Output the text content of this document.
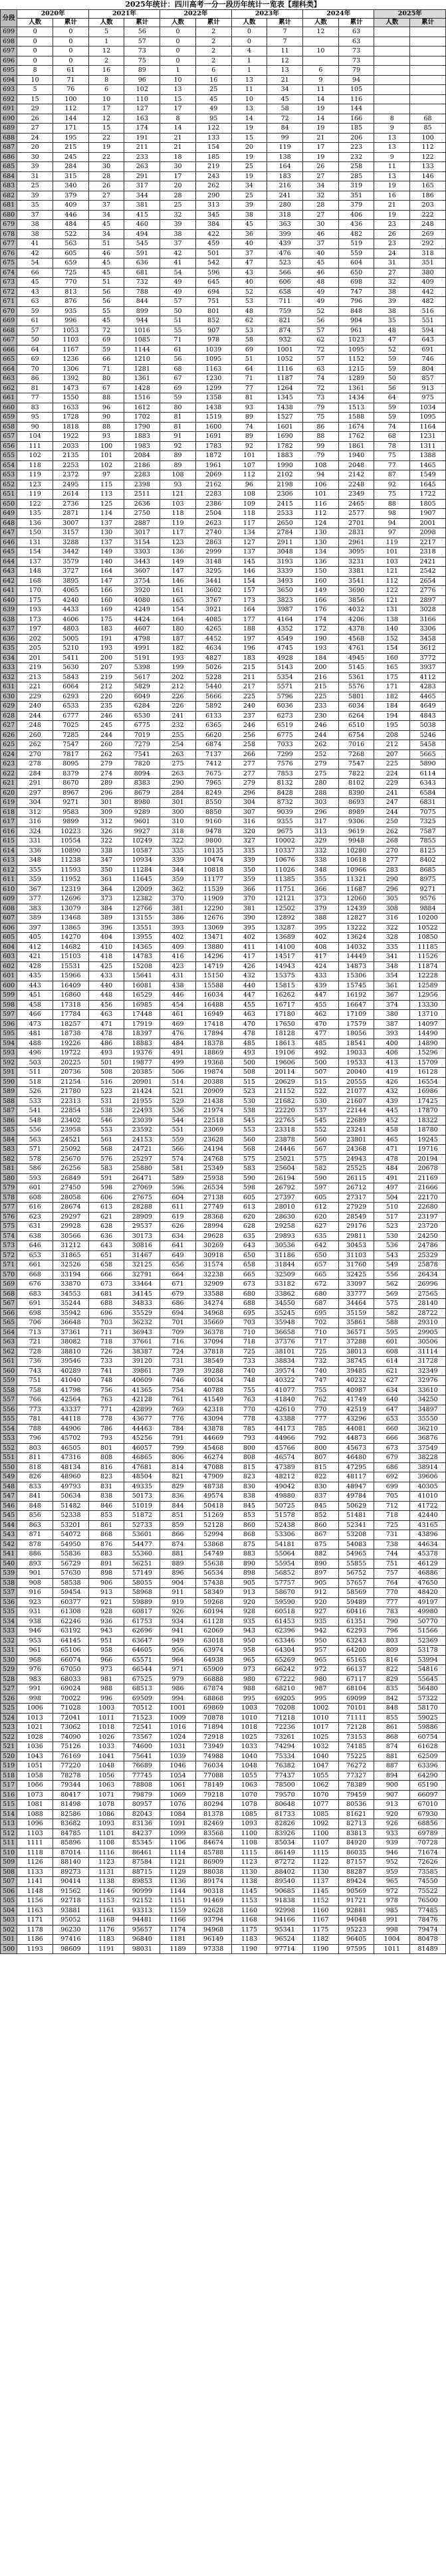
2025年统计：四川高考一分一段历年统计一览表【理科类】
分段	2020年		2021年		2022年		2023年		2024年		2025年	
	人数	累计	人数	累计	人数	累计	人数	累计	人数	累计	人数	累计
699	0	0	5	56	0	2	0	7	12	63		
698	0	0	1	57	0	2	0	7		63		
697	0	0	12	73	0	2	4	11	10	73		
696	0	0	2	75	0	2	1	12		73		
695	8	61	16	89	1	6	1	13	6	79		
694	10	71	8	96	10	16	13	21	9	94		
693	5	76	6	102	13	25	11	34	11	105		
692	15	100	10	110	15	45	10	45	14	116		
691	29	112	17	127	17	49	13	58	19	144		
690	26	144	12	163	8	95	14	72	14	166	8	68
689	27	171	15	174	14	122	19	84	19	185	9	85
688	24	195	22	191	21	133	15	99	21	206	13	100
687	20	215	19	211	21	154	20	119	17	223	13	112
686	30	245	22	233	18	185	19	138	19	232	9	122
685	39	284	30	263	30	219	25	164	26	258	11	133
684	31	315	28	291	17	243	19	183	27	285	13	146
683	25	340	26	317	20	262	34	216	34	319	19	165
682	39	379	27	344	28	290	25	241	32	351	16	186
681	35	409	37	381	25	313	39	280	28	379	21	203
680	37	446	34	415	32	345	38	318	27	406	19	222
679	38	484	45	460	39	384	45	363	30	436	23	248
678	38	522	34	494	38	422	36	399	46	482	26	269
677	41	563	51	545	37	459	40	439	37	519	23	292
676	42	605	46	591	42	501	37	476	40	559	24	318
675	54	659	45	636	41	542	47	523	45	604	31	351
674	66	725	45	681	54	596	43	566	46	650	27	380
673	45	770	51	732	49	645	40	606	48	698	32	409
672	43	813	56	788	49	694	52	658	49	747	38	442
671	63	876	56	844	57	751	53	711	49	796	39	482
670	59	935	55	899	50	801	48	759	52	848	38	516
669	61	996	45	944	51	852	62	821	56	904	35	551
668	57	1053	72	1016	55	907	53	874	57	961	48	594
667	50	1103	69	1085	71	978	58	932	62	1023	47	643
666	64	1167	59	1144	61	1039	69	1001	72	1095	52	691
665	69	1236	66	1210	56	1095	51	1052	57	1152	59	746
664	70	1306	71	1281	68	1163	64	1116	63	1215	59	804
663	86	1392	80	1361	67	1230	71	1187	74	1289	50	857
662	81	1473	67	1428	69	1299	77	1264	72	1361	56	913
661	77	1550	88	1516	59	1358	81	1345	73	1434	64	975
660	83	1633	96	1612	80	1438	93	1438	79	1513	59	1034
659	95	1728	90	1702	81	1519	89	1527	75	1588	59	1095
658	90	1818	88	1790	81	1600	74	1601	86	1674	74	1164
657	104	1922	93	1883	91	1691	89	1690	88	1762	68	1231
656	111	2033	100	1983	92	1783	92	1782	99	1861	78	1311
655	102	2135	101	2084	89	1872	101	1883	79	1940	75	1388
654	118	2253	102	2186	89	1961	107	1990	108	2048	77	1465
653	119	2372	97	2283	108	2069	112	2102	94	2142	87	1549
652	123	2495	115	2398	93	2162	96	2198	106	2248	92	1645
651	119	2614	113	2511	121	2283	108	2306	101	2349	75	1722
650	122	2736	125	2636	103	2386	109	2415	116	2465	88	1805
649	135	2871	114	2750	118	2504	118	2533	112	2577	98	1907
648	136	3007	137	2887	119	2623	117	2650	124	2701	94	2001
647	150	3157	130	3017	117	2740	134	2784	130	2831	97	2098
646	131	3288	137	3154	123	2863	127	2911	130	2961	119	2217
645	154	3442	149	3303	136	2999	137	3048	134	3095	101	2318
644	137	3579	140	3443	149	3148	145	3193	136	3231	103	2421
643	148	3727	164	3607	147	3295	146	3339	150	3381	121	2542
642	168	3895	147	3754	146	3441	154	3493	160	3541	112	2654
641	170	4065	166	3920	161	3602	157	3650	149	3690	122	2776
640	175	4240	160	4080	165	3767	173	3823	166	3856	121	2897
639	193	4433	169	4249	154	3921	164	3987	176	4032	131	3028
638	173	4606	175	4424	164	4085	177	4164	174	4206	138	3166
637	197	4803	183	4607	180	4265	188	4352	172	4378	140	3306
636	202	5005	191	4798	187	4452	197	4549	190	4568	152	3458
635	205	5210	193	4991	182	4634	196	4745	193	4761	154	3612
634	201	5411	200	5191	193	4827	183	4928	184	4945	160	3772
633	219	5630	207	5398	199	5026	215	5143	200	5145	165	3937
632	213	5843	219	5617	202	5228	211	5354	216	5361	175	4112
631	221	6064	212	5829	212	5440	217	5571	215	5576	171	4283
630	229	6293	220	6049	226	5666	225	5796	225	5801	182	4465
629	240	6533	235	6284	226	5892	240	6036	233	6034	184	4649
628	244	6777	246	6530	241	6133	237	6273	230	6264	194	4843
627	248	7025	245	6775	232	6365	246	6519	246	6510	195	5038
626	260	7285	244	7019	255	6620	256	6775	244	6754	208	5246
625	262	7547	260	7279	254	6874	258	7033	262	7016	212	5458
624	270	7817	262	7541	263	7137	266	7299	252	7268	207	5665
623	278	8095	279	7820	275	7412	277	7576	279	7547	225	5890
622	284	8379	274	8094	263	7675	277	7853	275	7822	224	6114
621	291	8670	289	8383	290	7965	279	8132	280	8102	229	6343
620	297	8967	296	8679	284	8249	296	8428	288	8390	241	6584
619	304	9271	301	8980	301	8550	304	8732	303	8693	247	6831
618	312	9583	309	9289	300	8850	307	9039	296	8989	244	7075
617	316	9899	312	9601	310	9160	316	9355	317	9306	250	7325
616	324	10223	326	9927	318	9478	320	9675	313	9619	262	7587
615	331	10554	322	10249	322	9800	327	10002	329	9948	268	7855
614	336	10890	338	10587	335	10135	335	10337	332	10280	270	8125
613	348	11238	347	10934	339	10474	339	10676	338	10618	277	8402
612	355	11593	350	11284	344	10818	350	11026	348	10966	283	8685
611	359	11952	361	11645	359	11177	359	11385	355	11321	290	8975
610	367	12319	364	12009	362	11539	366	11751	366	11687	296	9271
609	377	12696	373	12382	370	11909	370	12121	373	12060	305	9576
608	383	13079	384	12766	381	12290	381	12502	379	12439	308	9884
607	389	13468	389	13155	386	12676	390	12892	388	12827	316	10200
606	397	13865	396	13551	393	13069	395	13287	395	13222	322	10522
605	405	14270	404	13955	402	13471	402	13689	402	13624	328	10850
604	412	14682	410	14365	409	13880	411	14100	408	14032	335	11185
603	421	15103	418	14783	416	14296	417	14517	417	14449	341	11526
602	428	15531	425	15208	423	14719	426	14943	424	14873	348	11874
601	435	15966	433	15641	431	15150	432	15375	433	15306	354	12228
600	443	16409	440	16081	438	15588	440	15815	439	15745	361	12589
599	451	16860	448	16529	446	16034	447	16262	447	16192	367	12956
598	458	17318	456	16985	454	16488	455	16717	455	16647	374	13330
597	466	17784	463	17448	461	16949	463	17180	462	17109	380	13710
596	473	18257	471	17919	469	17418	470	17650	470	17579	387	14097
595	481	18738	478	18397	476	17894	478	18128	477	18056	393	14490
594	488	19226	486	18883	484	18378	485	18613	485	18541	400	14890
593	496	19722	493	19376	491	18869	493	19106	492	19033	406	15296
592	503	20225	501	19877	499	19368	500	19606	500	19533	413	15709
591	511	20736	508	20385	506	19874	508	20114	507	20040	419	16128
590	518	21254	516	20901	514	20388	515	20629	515	20555	426	16554
589	526	21780	523	21424	521	20909	523	21152	522	21077	432	16986
588	533	22313	531	21955	529	21438	530	21682	530	21607	439	17425
587	541	22854	538	22493	536	21974	538	22220	537	22144	445	17870
586	548	23402	546	23039	544	22518	545	22765	545	22689	452	18322
585	556	23958	553	23592	551	23069	553	23318	552	23241	458	18780
584	563	24521	561	24153	559	23628	560	23878	560	23801	465	19245
583	571	25092	568	24721	566	24194	568	24446	567	24368	471	19716
582	578	25670	576	25297	574	24768	575	25021	575	24943	478	20194
581	586	26256	583	25880	581	25349	583	25604	582	25525	484	20678
580	593	26849	591	26471	589	25938	590	26194	590	26115	491	21169
579	601	27450	598	27069	596	26534	598	26792	597	26712	497	21666
578	608	28058	606	27675	604	27138	605	27397	605	27317	504	22170
577	616	28674	613	28288	611	27749	613	28010	612	27929	510	22680
576	623	29297	621	28909	619	28368	620	28630	620	28549	517	23197
575	631	29928	628	29537	626	28994	628	29258	627	29176	523	23720
574	638	30566	636	30173	634	29628	635	29893	635	29811	530	24250
573	646	31212	643	30816	641	30269	643	30536	642	30453	536	24786
572	653	31865	651	31467	649	30918	650	31186	650	31103	543	25329
571	661	32526	658	32125	656	31574	658	31844	657	31760	549	25878
570	668	33194	666	32791	664	32238	665	32509	665	32425	556	26434
569	676	33870	673	33464	671	32909	673	33182	672	33097	562	26996
568	683	34553	681	34145	679	33588	680	33862	680	33777	569	27565
567	691	35244	688	34833	686	34274	688	34550	687	34464	575	28140
566	698	35942	696	35529	694	34968	695	35245	695	35159	582	28722
565	706	36648	703	36232	701	35669	703	35948	702	35861	588	29310
564	713	37361	711	36943	709	36378	710	36658	710	36571	595	29905
563	721	38082	718	37661	716	37094	718	37376	717	37288	601	30506
562	728	38810	726	38387	724	37818	725	38101	725	38013	608	31114
561	736	39546	733	39120	731	38549	733	38834	732	38745	614	31728
560	743	40289	741	39861	739	39288	740	39574	740	39485	621	32349
559	751	41040	748	40609	746	40034	748	40322	747	40232	627	32976
558	758	41798	756	41365	754	40788	755	41077	755	40987	634	33610
557	766	42564	763	42128	761	41549	763	41840	762	41749	640	34250
556	773	43337	771	42899	769	42318	770	42610	770	42519	647	34897
555	781	44118	778	43677	776	43094	778	43388	777	43296	653	35550
554	788	44906	786	44463	784	43878	785	44173	785	44081	660	36210
553	796	45702	793	45256	791	44669	793	44966	792	44873	666	36876
552	803	46505	801	46057	799	45468	800	45766	800	45673	673	37549
551	811	47316	808	46865	806	46274	808	46574	807	46480	679	38228
550	818	48134	816	47681	814	47088	815	47389	815	47295	686	38914
549	826	48960	823	48504	821	47909	823	48212	822	48117	692	39606
548	833	49793	831	49335	829	48738	830	49042	830	48947	699	40305
547	841	50634	838	50173	836	49574	838	49880	837	49784	705	41010
546	848	51482	846	51019	844	50418	845	50725	845	50629	712	41722
545	856	52338	853	51872	851	51269	853	51578	852	51481	718	42440
544	863	53201	861	52733	859	52128	860	52438	860	52341	725	43165
543	871	54072	868	53601	866	52994	868	53306	867	53208	731	43896
542	878	54950	876	54477	874	53868	875	54181	875	54083	738	44634
541	886	55836	883	55360	881	54749	883	55064	882	54965	744	45378
540	893	56729	891	56251	889	55638	890	55954	890	55855	751	46129
539	901	57630	898	57149	896	56534	898	56852	897	56752	757	46886
538	908	58538	906	58055	904	57438	905	57757	905	57657	764	47650
537	916	59454	913	58968	911	58349	913	58670	912	58569	770	48420
536	923	60377	921	59889	919	59268	920	59590	920	59489	777	49197
535	931	61308	928	60817	926	60194	928	60518	927	60416	783	49980
534	938	62246	936	61753	934	61128	935	61453	935	61351	790	50770
533	946	63192	943	62696	941	62069	943	62396	942	62293	796	51566
532	953	64145	951	63647	949	63018	950	63346	950	63243	803	52369
531	961	65106	958	64605	956	63974	958	64304	957	64200	809	53178
530	968	66074	966	65571	964	64938	965	65269	965	65165	816	53994
529	976	67050	973	66544	971	65909	973	66242	972	66137	822	54816
528	983	68033	981	67525	979	66888	980	67222	980	67117	829	55645
527	991	69024	988	68513	986	67874	988	68210	987	68104	835	56480
526	998	70022	996	69509	994	68868	995	69205	995	69099	842	57322
525	1006	71028	1003	70512	1001	69869	1003	70208	1002	70101	848	58170
524	1013	72041	1011	71523	1009	70878	1010	71218	1010	71111	855	59025
523	1021	73062	1018	72541	1016	71894	1018	72236	1017	72128	861	59886
522	1028	74090	1026	73567	1024	72918	1025	73261	1025	73153	868	60754
521	1036	75126	1033	74600	1031	73949	1033	74294	1032	74185	874	61628
520	1043	76169	1041	75641	1039	74988	1040	75334	1040	75225	881	62509
519	1051	77220	1048	76689	1046	76034	1048	76382	1047	76272	887	63396
518	1058	78278	1056	77745	1054	77088	1055	77437	1055	77327	894	64290
517	1066	79344	1063	78808	1061	78149	1063	78500	1062	78389	900	65190
516	1073	80417	1071	79879	1069	79218	1070	79570	1070	79459	907	66097
515	1081	81498	1078	80957	1076	80294	1078	80648	1077	80536	913	67010
514	1088	82586	1086	82043	1084	81378	1085	81733	1085	81621	920	67930
513	1096	83682	1093	83136	1091	82469	1093	82826	1092	82713	926	68856
512	1103	84785	1101	84237	1099	83568	1100	83926	1100	83813	933	69789
511	1111	85896	1108	85345	1106	84674	1108	85034	1107	84920	939	70728
510	1118	87014	1116	86461	1114	85788	1115	86149	1115	86035	946	71674
509	1126	88140	1123	87584	1121	86909	1123	87272	1122	87157	952	72626
508	1133	89273	1131	88715	1129	88038	1130	88402	1130	88287	959	73585
507	1141	90414	1138	89853	1136	89174	1138	89540	1137	89424	965	74550
506	1148	91562	1146	90999	1144	90318	1145	90685	1145	90569	972	75522
505	1156	92718	1153	92152	1151	91469	1153	91838	1152	91721	978	76500
504	1163	93881	1161	93313	1159	92628	1160	92998	1160	92881	985	77485
503	1171	95052	1168	94481	1166	93794	1168	94166	1167	94048	991	78476
502	1178	96230	1176	95657	1174	94968	1175	95341	1175	95223	998	79474
501	1186	97416	1183	96840	1181	96149	1183	96524	1182	96405	1004	80478
500	1193	98609	1191	98031	1189	97338	1190	97714	1190	97595	1011	81489
